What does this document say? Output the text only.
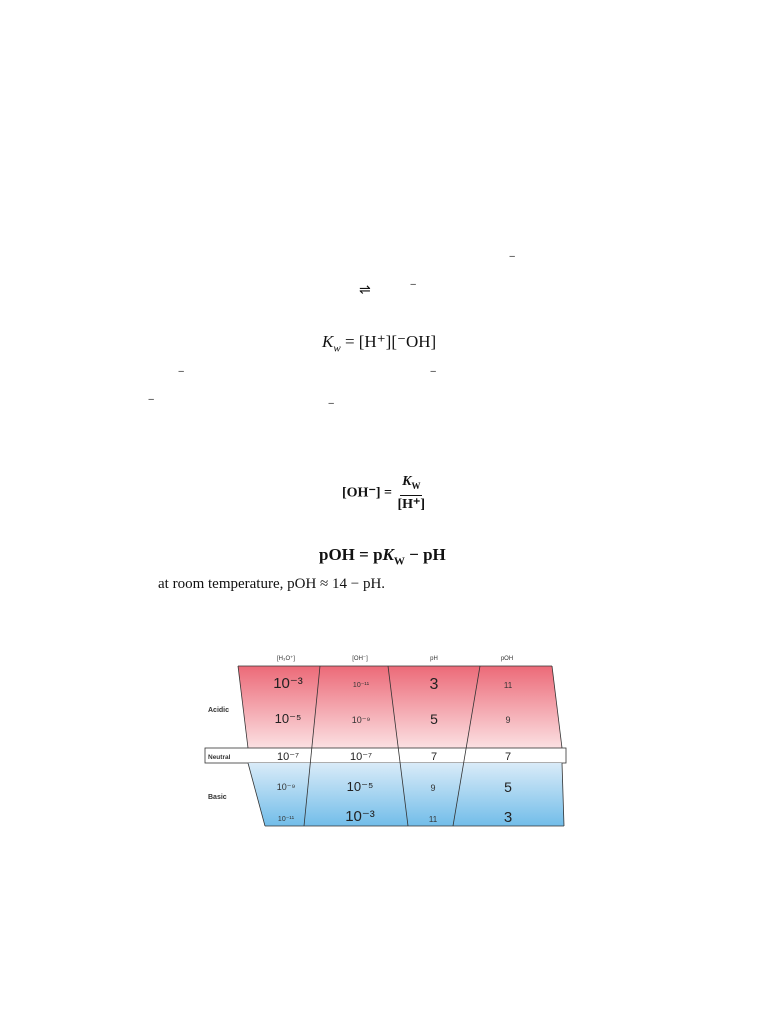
‒
‒
‒	‒
‒	‒
⇌
$K_w = [H^+][^-OH]$
$[OH^-] = \frac{K_W}{[H^+]}$
pOH = $pK_W$ − pH
at room temperature, pOH ≈ 14 − pH.
[H₃O⁺]	[OH⁻]	pH	pOH
Acidic
Neutral
Basic
10⁻³	10⁻¹¹	3	11
10⁻⁵	10⁻⁹	5	9
10⁻⁷	10⁻⁷	7	7
10⁻⁹	10⁻⁵	9	5
10⁻¹¹	10⁻³	11	3
